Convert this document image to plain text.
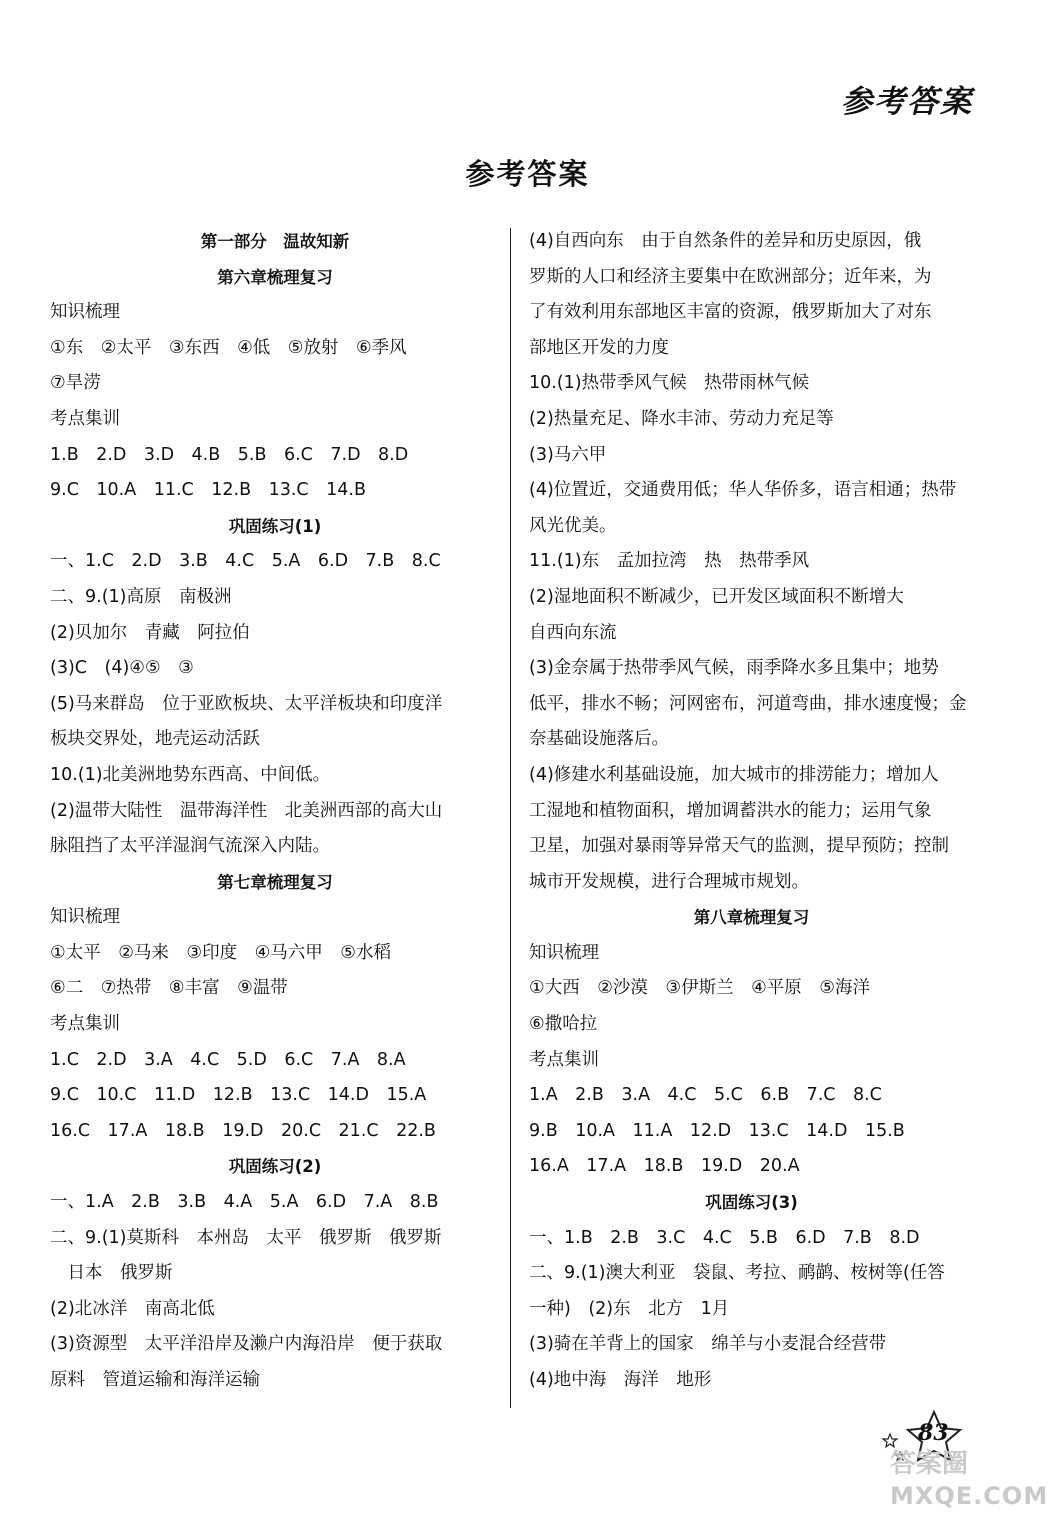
参考答案
参考答案
第一部分　温故知新
第六章梳理复习
知识梳理
①东　②太平　③东西　④低　⑤放射　⑥季风
⑦旱涝
考点集训
1.B　2.D　3.D　4.B　5.B　6.C　7.D　8.D
9.C　10.A　11.C　12.B　13.C　14.B
巩固练习(1)
一、1.C　2.D　3.B　4.C　5.A　6.D　7.B　8.C
二、9.(1)高原　南极洲
(2)贝加尔　青藏　阿拉伯
(3)C　(4)④⑤　③
(5)马来群岛　位于亚欧板块、太平洋板块和印度洋
板块交界处，地壳运动活跃
10.(1)北美洲地势东西高、中间低。
(2)温带大陆性　温带海洋性　北美洲西部的高大山
脉阻挡了太平洋湿润气流深入内陆。
第七章梳理复习
知识梳理
①太平　②马来　③印度　④马六甲　⑤水稻
⑥二　⑦热带　⑧丰富　⑨温带
考点集训
1.C　2.D　3.A　4.C　5.D　6.C　7.A　8.A
9.C　10.C　11.D　12.B　13.C　14.D　15.A
16.C　17.A　18.B　19.D　20.C　21.C　22.B
巩固练习(2)
一、1.A　2.B　3.B　4.A　5.A　6.D　7.A　8.B
二、9.(1)莫斯科　本州岛　太平　俄罗斯　俄罗斯
　日本　俄罗斯
(2)北冰洋　南高北低
(3)资源型　太平洋沿岸及濑户内海沿岸　便于获取
原料　管道运输和海洋运输
(4)自西向东　由于自然条件的差异和历史原因，俄
罗斯的人口和经济主要集中在欧洲部分；近年来，为
了有效利用东部地区丰富的资源，俄罗斯加大了对东
部地区开发的力度
10.(1)热带季风气候　热带雨林气候
(2)热量充足、降水丰沛、劳动力充足等
(3)马六甲
(4)位置近，交通费用低；华人华侨多，语言相通；热带
风光优美。
11.(1)东　孟加拉湾　热　热带季风
(2)湿地面积不断减少，已开发区域面积不断增大
自西向东流
(3)金奈属于热带季风气候，雨季降水多且集中；地势
低平，排水不畅；河网密布，河道弯曲，排水速度慢；金
奈基础设施落后。
(4)修建水利基础设施，加大城市的排涝能力；增加人
工湿地和植物面积，增加调蓄洪水的能力；运用气象
卫星，加强对暴雨等异常天气的监测，提早预防；控制
城市开发规模，进行合理城市规划。
第八章梳理复习
知识梳理
①大西　②沙漠　③伊斯兰　④平原　⑤海洋
⑥撒哈拉
考点集训
1.A　2.B　3.A　4.C　5.C　6.B　7.C　8.C
9.B　10.A　11.A　12.D　13.C　14.D　15.B
16.A　17.A　18.B　19.D　20.A
巩固练习(3)
一、1.B　2.B　3.C　4.C　5.B　6.D　7.B　8.D
二、9.(1)澳大利亚　袋鼠、考拉、鸸鹋、桉树等(任答
一种)　(2)东　北方　1月
(3)骑在羊背上的国家　绵羊与小麦混合经营带
(4)地中海　海洋　地形
83
答案圈
MXQE.COM
